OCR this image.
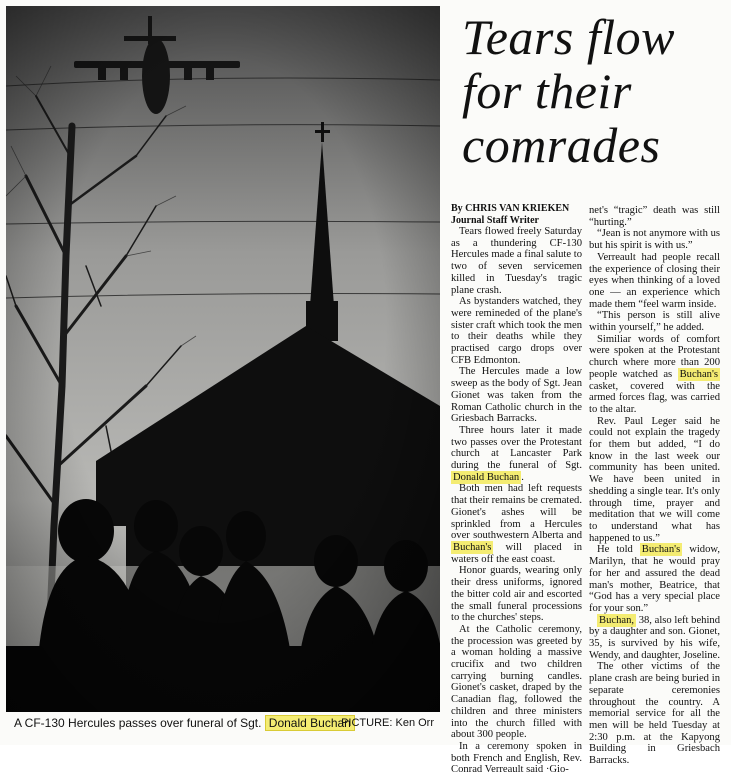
A CF-130 Hercules passes over funeral of Sgt. Donald Buchan
PICTURE: Ken Orr
Tears flow
for their
comrades
By CHRIS VAN KRIEKEN
Journal Staff Writer

Tears flowed freely Saturday as a thundering CF-130 Hercules made a final salute to two of seven servicemen killed in Tuesday's tragic plane crash.

As bystanders watched, they were remineded of the plane's sister craft which took the men to their deaths while they practised cargo drops over CFB Edmonton.

The Hercules made a low sweep as the body of Sgt. Jean Gionet was taken from the Roman Catholic church in the Griesbach Barracks.

Three hours later it made two passes over the Protestant church at Lancaster Park during the funeral of Sgt. Donald Buchan .

Both men had left requests that their remains be cremated. Gionet's ashes will be sprinkled from a Hercules over southwestern Alberta and Buchan's will placed in waters off the east coast.

Honor guards, wearing only their dress uniforms, ignored the bitter cold air and escorted the small funeral processions to the churches' steps.

At the Catholic ceremony, the procession was greeted by a woman holding a massive crucifix and two children carrying burning candles. Gionet's casket, draped by the Canadian flag, followed the children and three ministers into the church filled with about 300 people.

In a ceremony spoken in both French and English, Rev. Conrad Verreault said ·Gio-

net's “tragic” death was still “hurting.”

“Jean is not anymore with us but his spirit is with us.”

Verreault had people recall the experience of closing their eyes when thinking of a loved one — an experience which made them “feel warm inside.

“This person is still alive within yourself,” he added.

Similiar words of comfort were spoken at the Protestant church where more than 200 people watched as Buchan's casket, covered with the armed forces flag, was carried to the altar.

Rev. Paul Leger said he could not explain the tragedy for them but added, “I do know in the last week our community has been united. We have been united in shedding a single tear. It's only through time, prayer and meditation that we will come to understand what has happened to us.”

He told Buchan's widow, Marilyn, that he would pray for her and assured the dead man's mother, Beatrice, that “God has a very special place for your son.”

Buchan, 38, also left behind by a daughter and son. Gionet, 35, is survived by his wife, Wendy, and daughter, Joseline.

The other victims of the plane crash are being buried in separate ceremonies throughout the country. A memorial service for all the men will be held Tuesday at 2:30 p.m. at the Kapyong Building in Griesbach Barracks.
